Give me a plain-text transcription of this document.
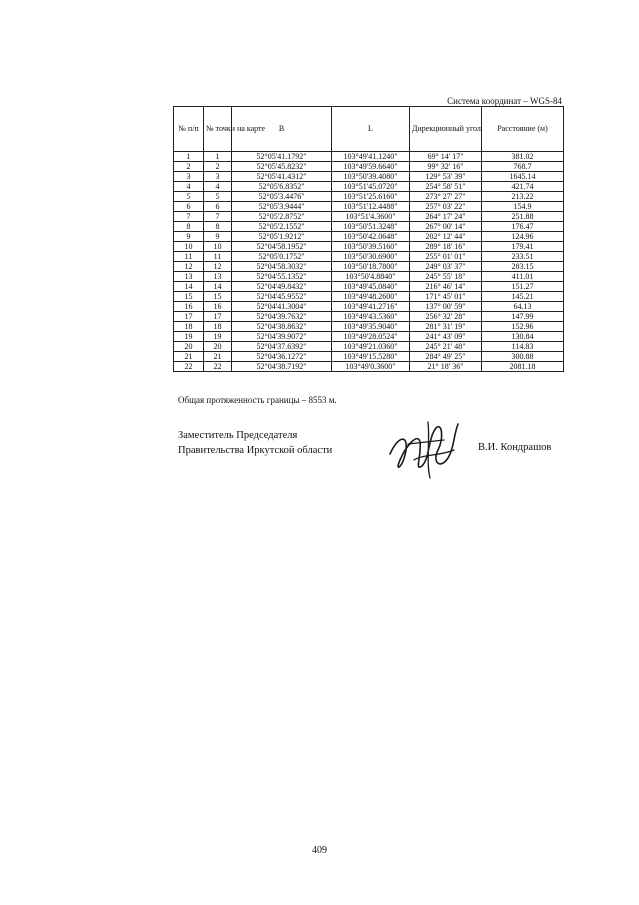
Система координат – WGS-84
№ п/п	№ точки на карте	B	L	Дирекционный угол	Расстояние (м)
1	1	52°05'41.1792"	103°49'41.1240"	69° 14' 17"	381.02
2	2	52°05'45.8232"	103°49'59.6640"	99° 32' 16"	768.7
3	3	52°05'41.4312"	103°50'39.4080"	129° 53' 39"	1645.14
4	4	52°05'6.8352"	103°51'45.0720"	254° 58' 51"	421.74
5	5	52°05'3.4476"	103°51'25.6160"	273° 27' 27"	213.22
6	6	52°05'3.9444"	103°51'12.4488"	257° 03' 22"	154.9
7	7	52°05'2.8752"	103°51'4.3600"	264° 17' 24"	251.88
8	8	52°05'2.1552"	103°50'51.3248"	267° 00' 14"	176.47
9	9	52°05'1.9212"	103°50'42.0648"	202° 12' 44"	124.96
10	10	52°04'58.1952"	103°50'39.5160"	289° 18' 16"	179.41
11	11	52°05'0.1752"	103°50'30.6900"	255° 01' 01"	233.51
12	12	52°04'58.3032"	103°50'18.7800"	249° 03' 37"	283.15
13	13	52°04'55.1352"	103°50'4.8840"	245° 55' 18"	411.01
14	14	52°04'49.8432"	103°49'45.0840"	216° 46' 14"	151.27
15	15	52°04'45.9552"	103°49'48.2600"	171° 45' 01"	145.21
16	16	52°04'41.3004"	103°49'41.2716"	137° 00' 59"	64.13
17	17	52°04'39.7632"	103°49'43.5360"	256° 32' 28"	147.99
18	18	52°04'38.8632"	103°49'35.9040"	281° 31' 19"	152.96
19	19	52°04'39.9072"	103°49'28.0524"	241° 43' 09"	130.84
20	20	52°04'37.6392"	103°49'21.0360"	245° 21' 48"	114.83
21	21	52°04'36.1272"	103°49'15.5280"	284° 49' 25"	300.88
22	22	52°04'38.7192"	103°49'0.3600"	21° 18' 36"	2081.18
Общая протяженность границы – 8553 м.
Заместитель Председателя
Правительства Иркутской области	В.И. Кондрашов
409
